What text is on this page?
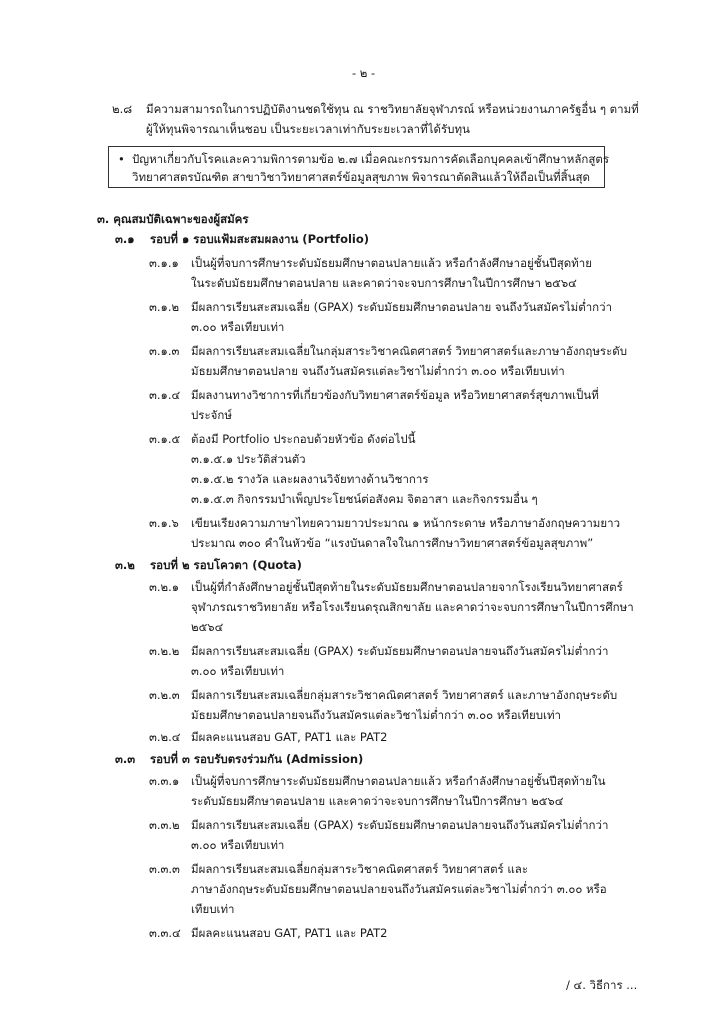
- ๒ -
๒.๘ มีความสามารถในการปฏิบัติงานชดใช้ทุน ณ ราชวิทยาลัยจุฬาภรณ์ หรือหน่วยงานภาครัฐอื่น ๆ ตามที่
ผู้ให้ทุนพิจารณาเห็นชอบ เป็นระยะเวลาเท่ากับระยะเวลาที่ได้รับทุน
• ปัญหาเกี่ยวกับโรคและความพิการตามข้อ ๒.๗ เมื่อคณะกรรมการคัดเลือกบุคคลเข้าศึกษาหลักสูตร
วิทยาศาสตรบัณฑิต สาขาวิชาวิทยาศาสตร์ข้อมูลสุขภาพ พิจารณาตัดสินแล้วให้ถือเป็นที่สิ้นสุด
๓. คุณสมบัติเฉพาะของผู้สมัคร
๓.๑ รอบที่ ๑ รอบแฟ้มสะสมผลงาน (Portfolio)
๓.๑.๑ เป็นผู้ที่จบการศึกษาระดับมัธยมศึกษาตอนปลายแล้ว หรือกำลังศึกษาอยู่ชั้นปีสุดท้าย
ในระดับมัธยมศึกษาตอนปลาย และคาดว่าจะจบการศึกษาในปีการศึกษา ๒๕๖๔
๓.๑.๒ มีผลการเรียนสะสมเฉลี่ย (GPAX) ระดับมัธยมศึกษาตอนปลาย จนถึงวันสมัครไม่ต่ำกว่า
๓.๐๐ หรือเทียบเท่า
๓.๑.๓ มีผลการเรียนสะสมเฉลี่ยในกลุ่มสาระวิชาคณิตศาสตร์ วิทยาศาสตร์และภาษาอังกฤษระดับ
มัธยมศึกษาตอนปลาย จนถึงวันสมัครแต่ละวิชาไม่ต่ำกว่า ๓.๐๐ หรือเทียบเท่า
๓.๑.๔ มีผลงานทางวิชาการที่เกี่ยวข้องกับวิทยาศาสตร์ข้อมูล หรือวิทยาศาสตร์สุขภาพเป็นที่
ประจักษ์
๓.๑.๕ ต้องมี Portfolio ประกอบด้วยหัวข้อ ดังต่อไปนี้
๓.๑.๕.๑ ประวัติส่วนตัว
๓.๑.๕.๒ รางวัล และผลงานวิจัยทางด้านวิชาการ
๓.๑.๕.๓ กิจกรรมบำเพ็ญประโยชน์ต่อสังคม จิตอาสา และกิจกรรมอื่น ๆ
๓.๑.๖ เขียนเรียงความภาษาไทยความยาวประมาณ ๑ หน้ากระดาษ หรือภาษาอังกฤษความยาว
ประมาณ ๓๐๐ คำในหัวข้อ “แรงบันดาลใจในการศึกษาวิทยาศาสตร์ข้อมูลสุขภาพ”
๓.๒ รอบที่ ๒ รอบโควตา (Quota)
๓.๒.๑ เป็นผู้ที่กำลังศึกษาอยู่ชั้นปีสุดท้ายในระดับมัธยมศึกษาตอนปลายจากโรงเรียนวิทยาศาสตร์
จุฬาภรณราชวิทยาลัย หรือโรงเรียนดรุณสิกขาลัย และคาดว่าจะจบการศึกษาในปีการศึกษา
๒๕๖๔
๓.๒.๒ มีผลการเรียนสะสมเฉลี่ย (GPAX) ระดับมัธยมศึกษาตอนปลายจนถึงวันสมัครไม่ต่ำกว่า
๓.๐๐ หรือเทียบเท่า
๓.๒.๓ มีผลการเรียนสะสมเฉลี่ยกลุ่มสาระวิชาคณิตศาสตร์ วิทยาศาสตร์ และภาษาอังกฤษระดับ
มัธยมศึกษาตอนปลายจนถึงวันสมัครแต่ละวิชาไม่ต่ำกว่า ๓.๐๐ หรือเทียบเท่า
๓.๒.๔ มีผลคะแนนสอบ GAT, PAT1 และ PAT2
๓.๓ รอบที่ ๓ รอบรับตรงร่วมกัน (Admission)
๓.๓.๑ เป็นผู้ที่จบการศึกษาระดับมัธยมศึกษาตอนปลายแล้ว หรือกำลังศึกษาอยู่ชั้นปีสุดท้ายใน
ระดับมัธยมศึกษาตอนปลาย และคาดว่าจะจบการศึกษาในปีการศึกษา ๒๕๖๔
๓.๓.๒ มีผลการเรียนสะสมเฉลี่ย (GPAX) ระดับมัธยมศึกษาตอนปลายจนถึงวันสมัครไม่ต่ำกว่า
๓.๐๐ หรือเทียบเท่า
๓.๓.๓ มีผลการเรียนสะสมเฉลี่ยกลุ่มสาระวิชาคณิตศาสตร์ วิทยาศาสตร์ และ
ภาษาอังกฤษระดับมัธยมศึกษาตอนปลายจนถึงวันสมัครแต่ละวิชาไม่ต่ำกว่า ๓.๐๐ หรือ
เทียบเท่า
๓.๓.๔ มีผลคะแนนสอบ GAT, PAT1 และ PAT2
/ ๔. วิธีการ ...
